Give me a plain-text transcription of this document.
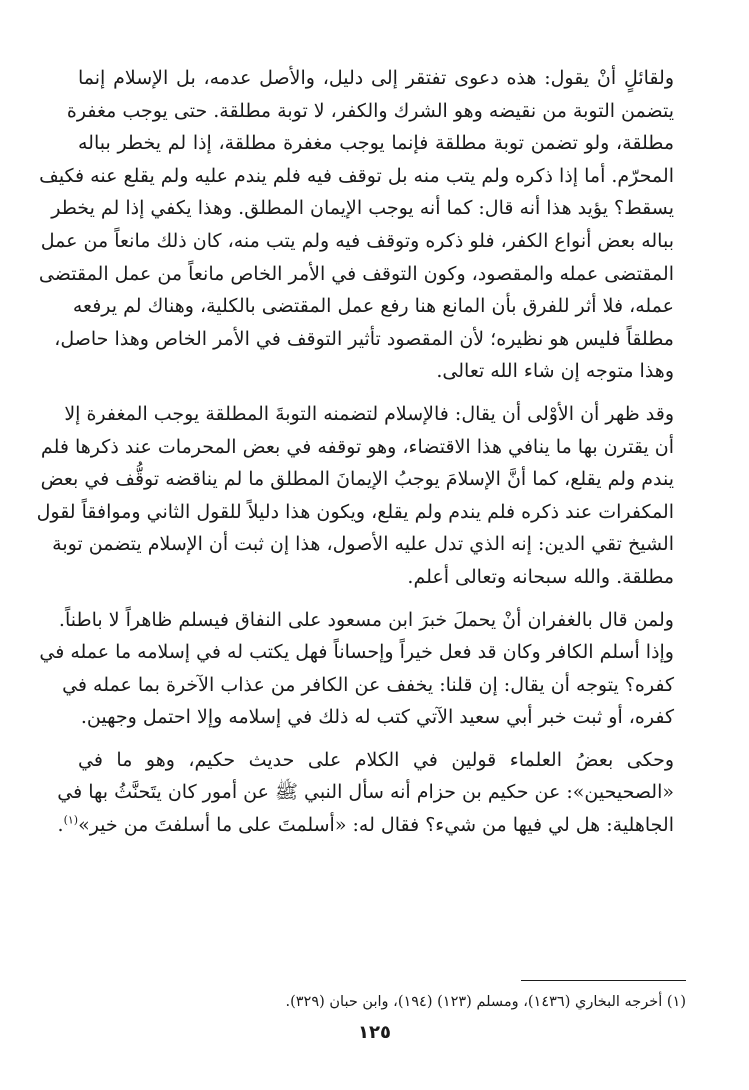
ولقائلٍ أنْ يقول: هذه دعوى تفتقر إلى دليل، والأصل عدمه، بل الإسلام إنما
يتضمن التوبة من نقيضه وهو الشرك والكفر، لا توبة مطلقة. حتى يوجب مغفرة
مطلقة، ولو تضمن توبة مطلقة فإنما يوجب مغفرة مطلقة، إذا لم يخطر بباله
المحرّم. أما إذا ذكره ولم يتب منه بل توقف فيه فلم يندم عليه ولم يقلع عنه فكيف
يسقط؟ يؤيد هذا أنه قال: كما أنه يوجب الإيمان المطلق. وهذا يكفي إذا لم يخطر
بباله بعض أنواع الكفر، فلو ذكره وتوقف فيه ولم يتب منه، كان ذلك مانعاً من عمل
المقتضى عمله والمقصود، وكون التوقف في الأمر الخاص مانعاً من عمل المقتضى
عمله، فلا أثر للفرق بأن المانع هنا رفع عمل المقتضى بالكلية، وهناك لم يرفعه
مطلقاً فليس هو نظيره؛ لأن المقصود تأثير التوقف في الأمر الخاص وهذا حاصل،
وهذا متوجه إن شاء الله تعالى.

وقد ظهر أن الأوْلى أن يقال: فالإسلام لتضمنه التوبةَ المطلقة يوجب المغفرة إلا
أن يقترن بها ما ينافي هذا الاقتضاء، وهو توقفه في بعض المحرمات عند ذكرها فلم
يندم ولم يقلع، كما أنَّ الإسلامَ يوجبُ الإيمانَ المطلق ما لم يناقضه توقُّف في بعض
المكفرات عند ذكره فلم يندم ولم يقلع، ويكون هذا دليلاً للقول الثاني وموافقاً لقول
الشيخ تقي الدين: إنه الذي تدل عليه الأصول، هذا إن ثبت أن الإسلام يتضمن توبة
مطلقة. والله سبحانه وتعالى أعلم.

ولمن قال بالغفران أنْ يحملَ خبرَ ابن مسعود على النفاق فيسلم ظاهراً لا باطناً.
وإذا أسلم الكافر وكان قد فعل خيراً وإحساناً فهل يكتب له في إسلامه ما عمله في
كفره؟ يتوجه أن يقال: إن قلنا: يخفف عن الكافر من عذاب الآخرة بما عمله في
كفره، أو ثبت خبر أبي سعيد الآتي كتب له ذلك في إسلامه وإلا احتمل وجهين.

وحكى بعضُ العلماء قولين في الكلام على حديث حكيم، وهو ما في
«الصحيحين»: عن حكيم بن حزام أنه سأل النبي ﷺ عن أمور كان يتَحنَّثُ بها في
الجاهلية: هل لي فيها من شيء؟ فقال له: «أسلمتَ على ما أسلفتَ من خير»$^{(١)}$.

(١) أخرجه البخاري (١٤٣٦)، ومسلم (١٢٣) (١٩٤)، وابن حبان (٣٢٩).
١٢٥
